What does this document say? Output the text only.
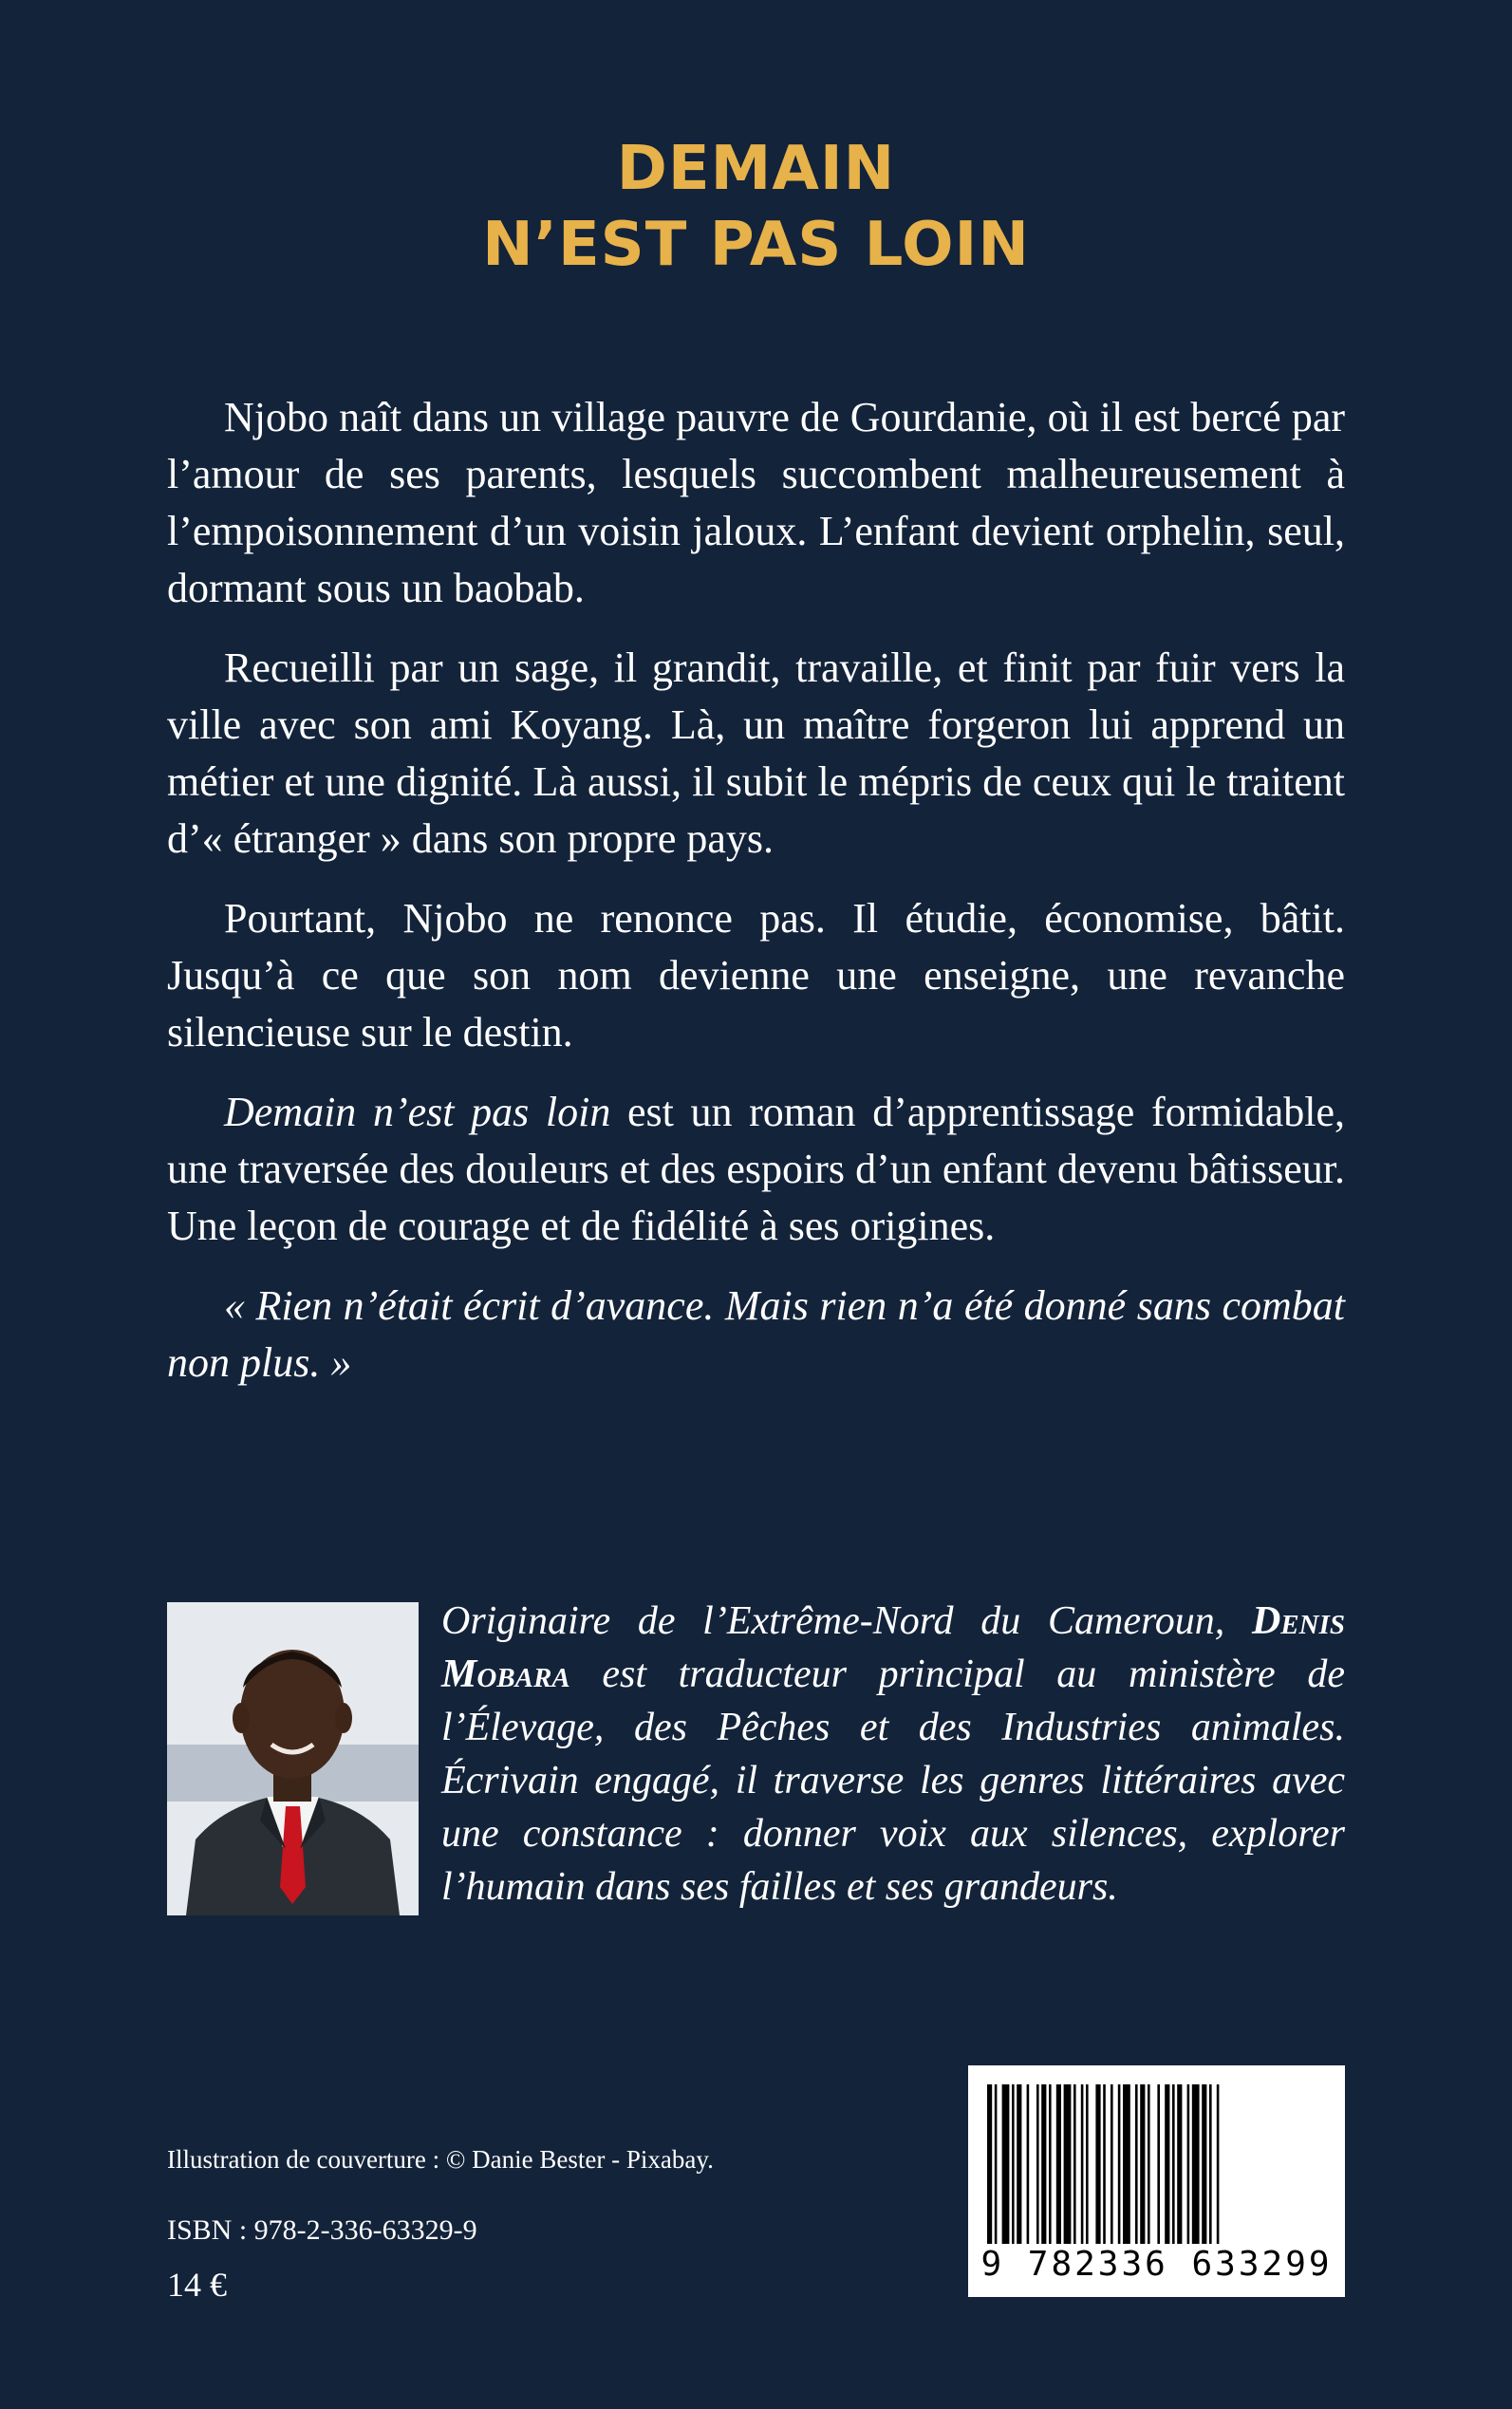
DEMAIN
N’EST PAS LOIN

Njobo naît dans un village pauvre de Gourdanie, où il est bercé par l’amour de ses parents, lesquels succombent malheureusement à l’empoisonnement d’un voisin jaloux. L’enfant devient orphelin, seul, dormant sous un baobab.

Recueilli par un sage, il grandit, travaille, et finit par fuir vers la ville avec son ami Koyang. Là, un maître forgeron lui apprend un métier et une dignité. Là aussi, il subit le mépris de ceux qui le traitent d’« étranger » dans son propre pays.

Pourtant, Njobo ne renonce pas. Il étudie, économise, bâtit. Jusqu’à ce que son nom devienne une enseigne, une revanche silencieuse sur le destin.

Demain n’est pas loin est un roman d’apprentissage formidable, une traversée des douleurs et des espoirs d’un enfant devenu bâtisseur. Une leçon de courage et de fidélité à ses origines.

« Rien n’était écrit d’avance. Mais rien n’a été donné sans combat non plus. »

Originaire de l’Extrême-Nord du Cameroun, Denis Mobara est traducteur principal au ministère de l’Élevage, des Pêches et des Industries animales. Écrivain engagé, il traverse les genres littéraires avec une constance : donner voix aux silences, explorer l’humain dans ses failles et ses grandeurs.
Illustration de couverture : © Danie Bester - Pixabay.
ISBN : 978-2-336-63329-9
14 €
9 782336 633299
